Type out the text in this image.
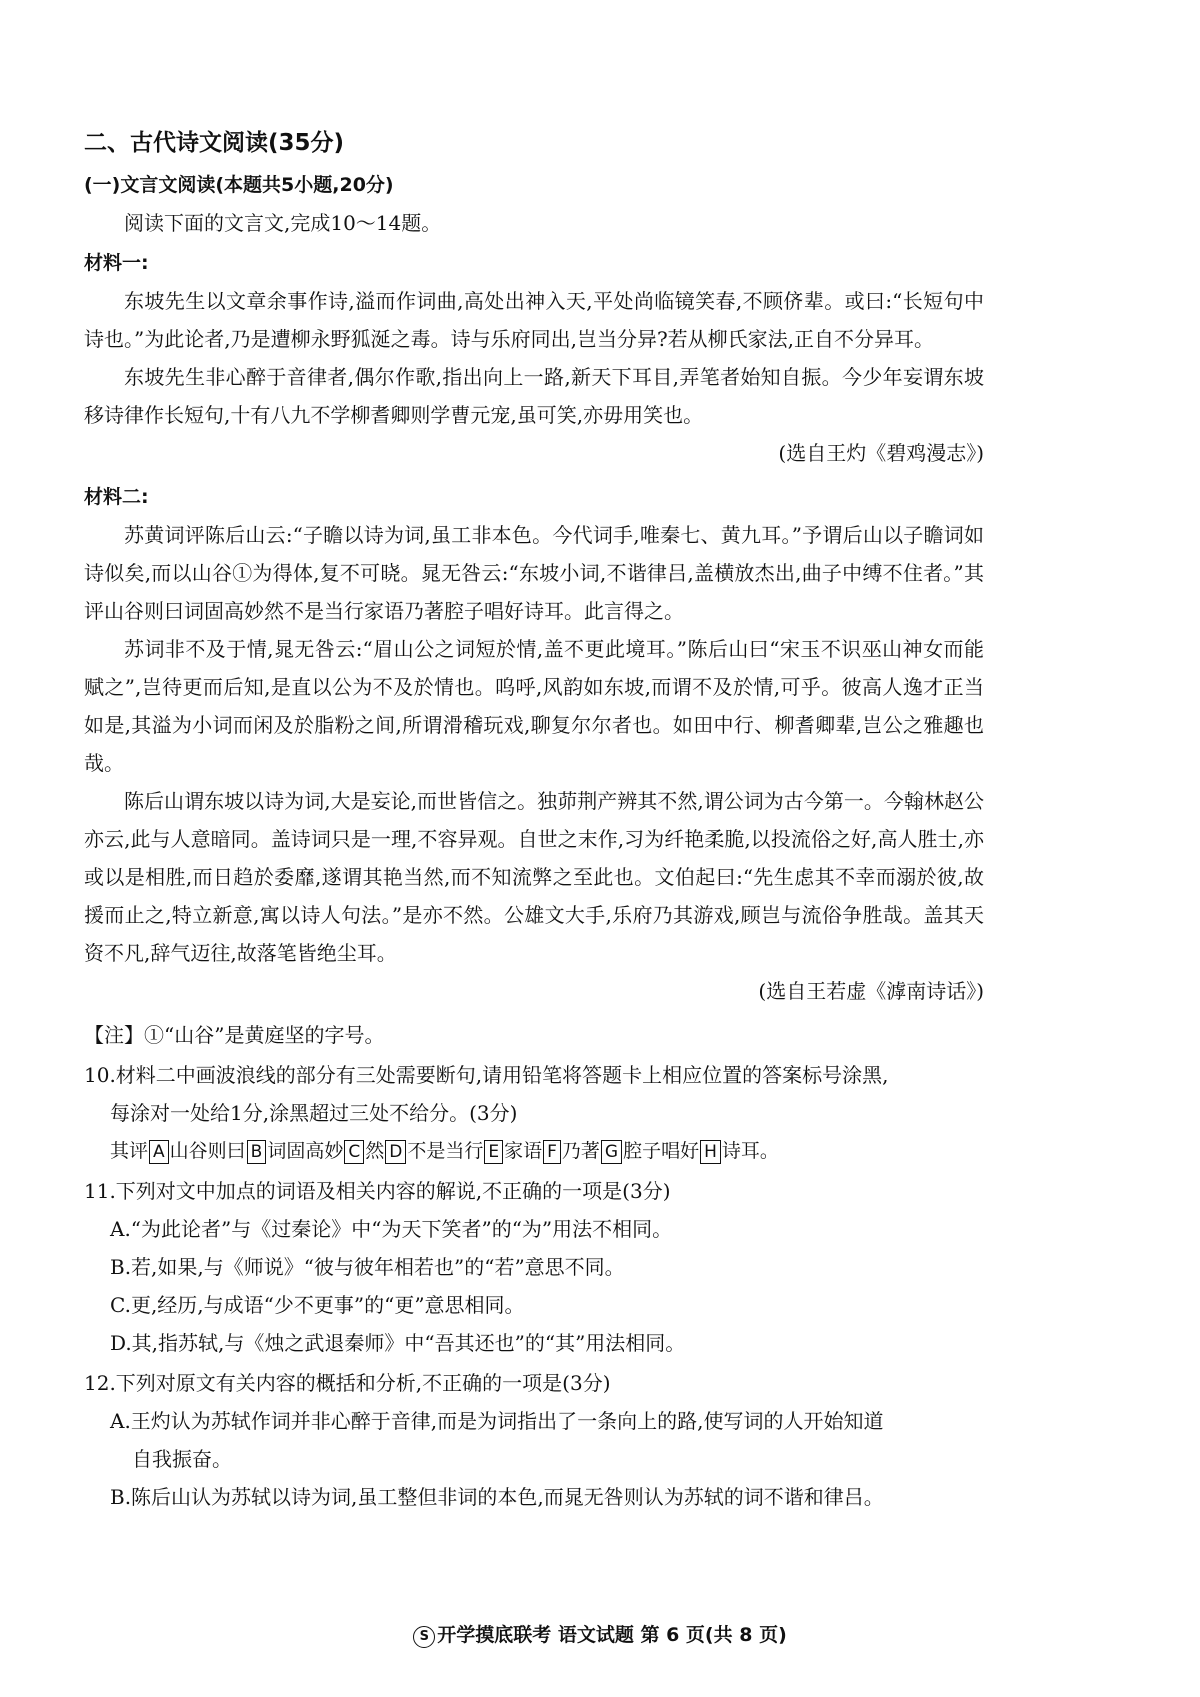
二、古代诗文阅读(35分)
(一)文言文阅读(本题共5小题,20分)
阅读下面的文言文,完成10～14题。
材料一:

东坡先生以文章余事作诗,溢而作词曲,高处出神入天,平处尚临镜笑春,不顾侪辈。或曰:“长短句中诗也。”为此论者,乃是遭柳永野狐涎之毒。诗与乐府同出,岂当分异?若从柳氏家法,正自不分异耳。

东坡先生非心醉于音律者,偶尔作歌,指出向上一路,新天下耳目,弄笔者始知自振。今少年妄谓东坡移诗律作长短句,十有八九不学柳耆卿则学曹元宠,虽可笑,亦毋用笑也。

(选自王灼《碧鸡漫志》)
材料二:

苏黄词评陈后山云:“子瞻以诗为词,虽工非本色。今代词手,唯秦七、黄九耳。”予谓后山以子瞻词如诗似矣,而以山谷①为得体,复不可晓。晁无咎云:“东坡小词,不谐律吕,盖横放杰出,曲子中缚不住者。”其评山谷则曰词固高妙然不是当行家语乃著腔子唱好诗耳。此言得之。

苏词非不及于情,晁无咎云:“眉山公之词短於情,盖不更此境耳。”陈后山曰“宋玉不识巫山神女而能赋之”,岂待更而后知,是直以公为不及於情也。呜呼,风韵如东坡,而谓不及於情,可乎。彼高人逸才正当如是,其溢为小词而闲及於脂粉之间,所谓滑稽玩戏,聊复尔尔者也。如田中行、柳耆卿辈,岂公之雅趣也哉。

陈后山谓东坡以诗为词,大是妄论,而世皆信之。独茆荆产辨其不然,谓公词为古今第一。今翰林赵公亦云,此与人意暗同。盖诗词只是一理,不容异观。自世之末作,习为纤艳柔脆,以投流俗之好,高人胜士,亦或以是相胜,而日趋於委靡,遂谓其艳当然,而不知流弊之至此也。文伯起曰:“先生虑其不幸而溺於彼,故援而止之,特立新意,寓以诗人句法。”是亦不然。公雄文大手,乐府乃其游戏,顾岂与流俗争胜哉。盖其天资不凡,辞气迈往,故落笔皆绝尘耳。

(选自王若虚《滹南诗话》)
【注】①“山谷”是黄庭坚的字号。
10.材料二中画波浪线的部分有三处需要断句,请用铅笔将答题卡上相应位置的答案标号涂黑,
每涂对一处给1分,涂黑超过三处不给分。(3分)
其评 A 山谷则曰 B 词固高妙 C 然 D 不是当行 E 家语 F 乃著 G 腔子唱好 H 诗耳。
11.下列对文中加点的词语及相关内容的解说,不正确的一项是(3分)
A.“为此论者”与《过秦论》中“为天下笑者”的“为”用法不相同。
B.若,如果,与《师说》“彼与彼年相若也”的“若”意思不同。
C.更,经历,与成语“少不更事”的“更”意思相同。
D.其,指苏轼,与《烛之武退秦师》中“吾其还也”的“其”用法相同。
12.下列对原文有关内容的概括和分析,不正确的一项是(3分)
A.王灼认为苏轼作词并非心醉于音律,而是为词指出了一条向上的路,使写词的人开始知道
自我振奋。
B.陈后山认为苏轼以诗为词,虽工整但非词的本色,而晁无咎则认为苏轼的词不谐和律吕。
S 开学摸底联考 语文试题 第 6 页(共 8 页)
